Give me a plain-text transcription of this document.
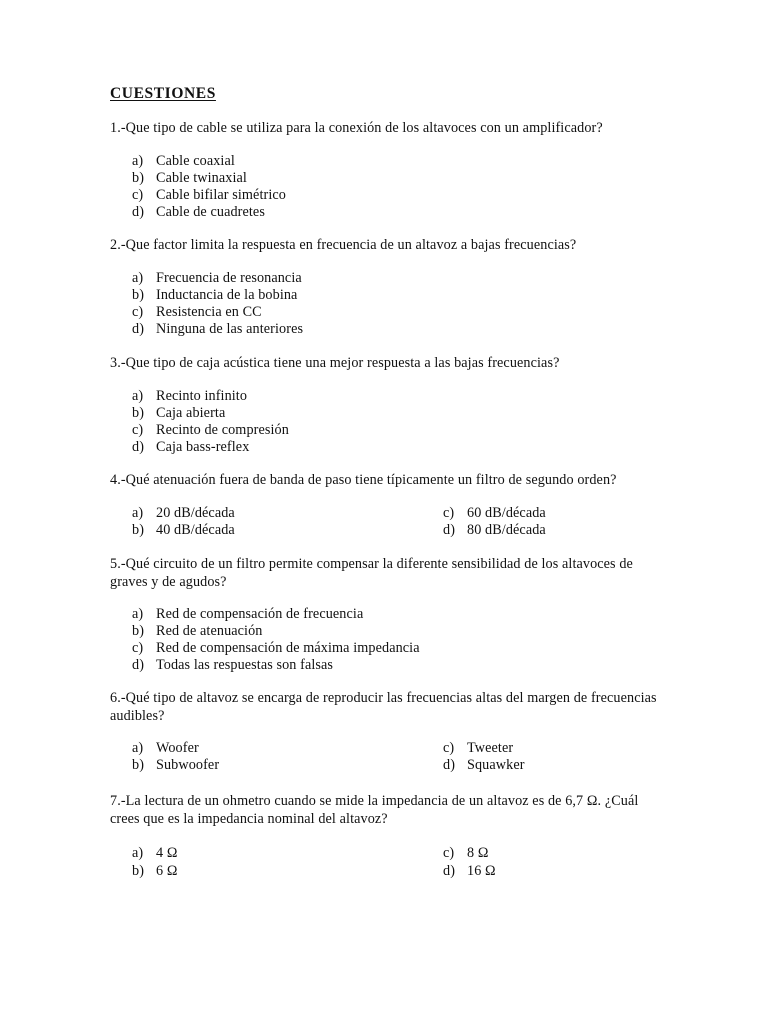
CUESTIONES
1.-Que tipo de cable se utiliza para la conexión de los altavoces con un amplificador?
a) Cable coaxial
b) Cable twinaxial
c) Cable bifilar simétrico
d) Cable de cuadretes
2.-Que factor limita la respuesta en frecuencia de un altavoz a bajas frecuencias?
a) Frecuencia de resonancia
b) Inductancia de la bobina
c) Resistencia en CC
d) Ninguna de las anteriores
3.-Que tipo de caja acústica tiene una mejor respuesta a las bajas frecuencias?
a) Recinto infinito
b) Caja abierta
c) Recinto de compresión
d) Caja bass-reflex
4.-Qué atenuación fuera de banda de paso tiene típicamente un filtro de segundo orden?
a) 20 dB/década
b) 40 dB/década
c) 60 dB/década
d) 80 dB/década
5.-Qué circuito de un filtro permite compensar la diferente sensibilidad de los altavoces de graves y de agudos?
a) Red de compensación de frecuencia
b) Red de atenuación
c) Red de compensación de máxima impedancia
d) Todas las respuestas son falsas
6.-Qué tipo de altavoz se encarga de reproducir las frecuencias altas del margen de frecuencias audibles?
a) Woofer
b) Subwoofer
c) Tweeter
d) Squawker
7.-La lectura de un ohmetro cuando se mide la impedancia de un altavoz es de 6,7 Ω. ¿Cuál crees que es la impedancia nominal del altavoz?
a) 4 Ω
b) 6 Ω
c) 8 Ω
d) 16 Ω
